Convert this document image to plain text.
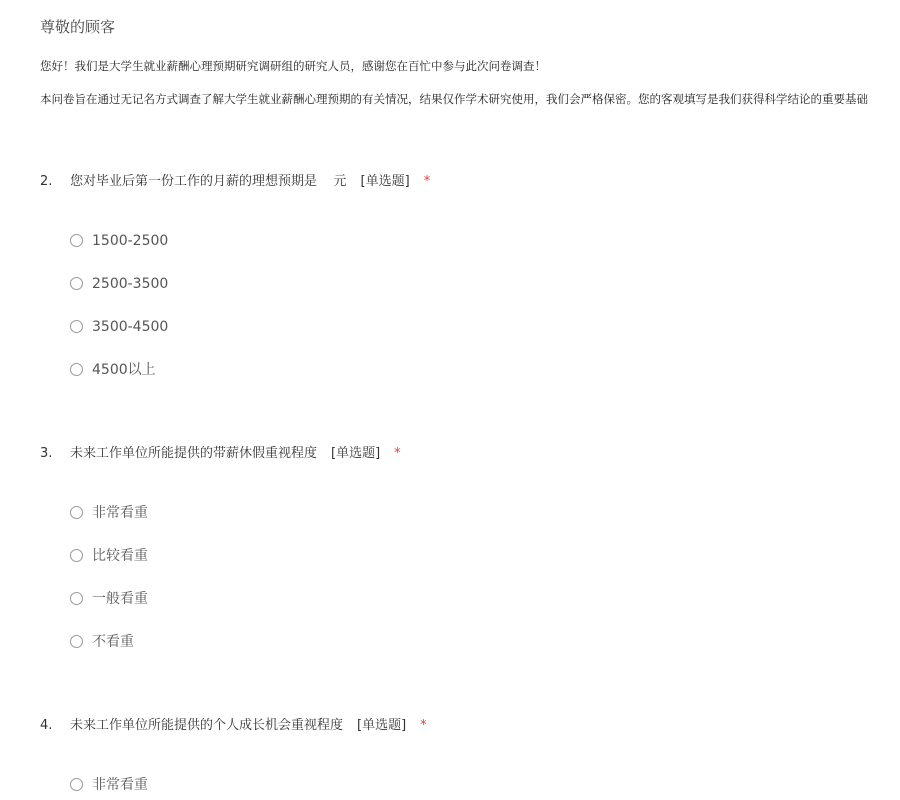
尊敬的顾客
您好！我们是大学生就业薪酬心理预期研究调研组的研究人员，感谢您在百忙中参与此次问卷调查！
本问卷旨在通过无记名方式调查了解大学生就业薪酬心理预期的有关情况，结果仅作学术研究使用，我们会严格保密。您的客观填写是我们获得科学结论的重要基础
2.	您对毕业后第一份工作的月薪的理想预期是    元 [单选题] *
1500-2500
2500-3500
3500-4500
4500以上
3.	未来工作单位所能提供的带薪休假重视程度 [单选题] *
非常看重
比较看重
一般看重
不看重
4.	未来工作单位所能提供的个人成长机会重视程度 [单选题] *
非常看重
